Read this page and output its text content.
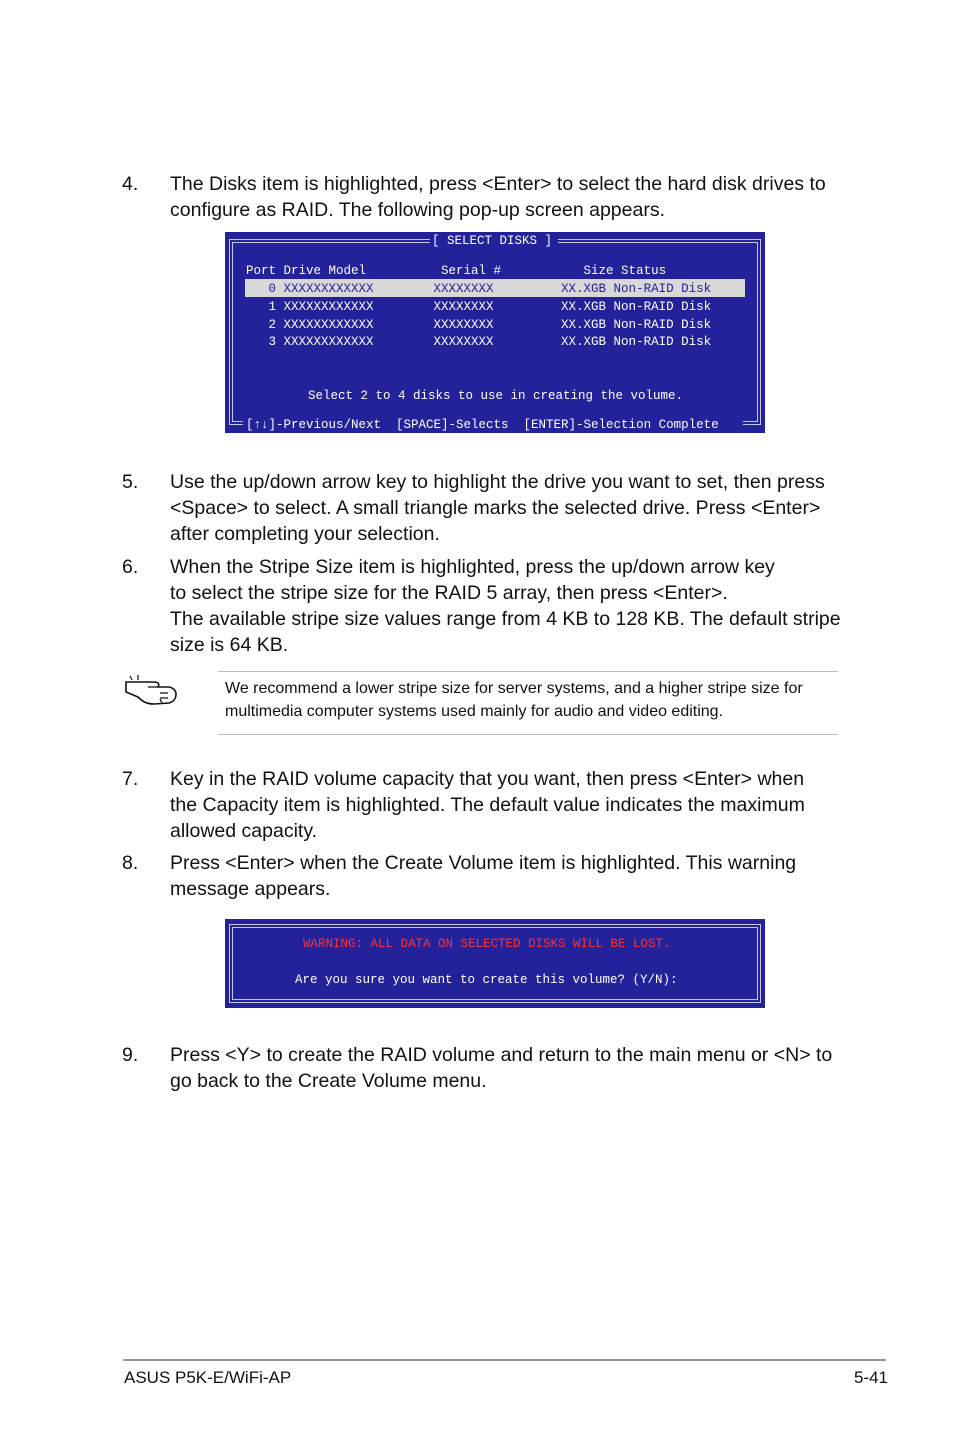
4. The Disks item is highlighted, press <Enter> to select the hard disk drives to
configure as RAID. The following pop-up screen appears.
[ SELECT DISKS ]
Port Drive Model          Serial #           Size Status
0 XXXXXXXXXXXX        XXXXXXXX         XX.XGB Non-RAID Disk
1 XXXXXXXXXXXX        XXXXXXXX         XX.XGB Non-RAID Disk
2 XXXXXXXXXXXX        XXXXXXXX         XX.XGB Non-RAID Disk
3 XXXXXXXXXXXX        XXXXXXXX         XX.XGB Non-RAID Disk
Select 2 to 4 disks to use in creating the volume.
[↑↓]-Previous/Next  [SPACE]-Selects  [ENTER]-Selection Complete
5. Use the up/down arrow key to highlight the drive you want to set, then press
<Space> to select. A small triangle marks the selected drive. Press <Enter>
after completing your selection.
6. When the Stripe Size item is highlighted, press the up/down arrow key
to select the stripe size for the RAID 5 array, then press <Enter>.
The available stripe size values range from 4 KB to 128 KB. The default stripe
size is 64 KB.
We recommend a lower stripe size for server systems, and a higher stripe size for multimedia computer systems used mainly for audio and video editing.
7. Key in the RAID volume capacity that you want, then press <Enter> when
the Capacity item is highlighted. The default value indicates the maximum
allowed capacity.
8. Press <Enter> when the Create Volume item is highlighted. This warning
message appears.
WARNING: ALL DATA ON SELECTED DISKS WILL BE LOST.
Are you sure you want to create this volume? (Y/N):
9. Press <Y> to create the RAID volume and return to the main menu or <N> to
go back to the Create Volume menu.
ASUS P5K-E/WiFi-AP	5-41
